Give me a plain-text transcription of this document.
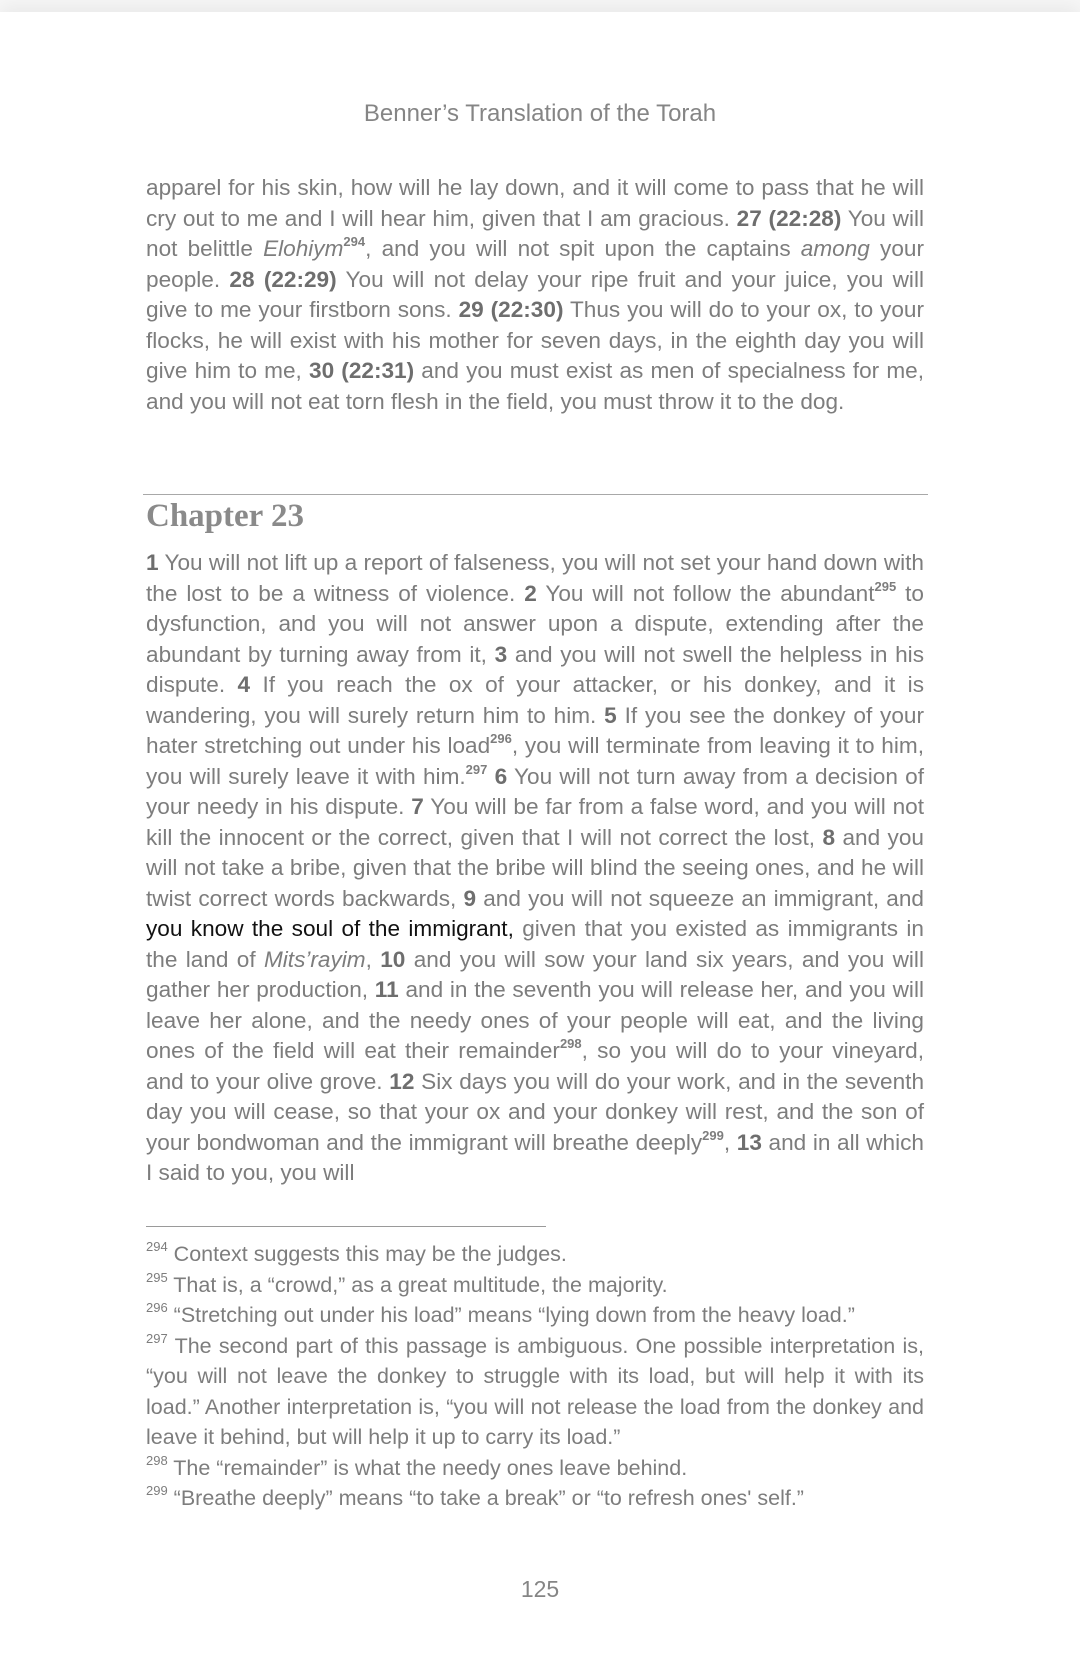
Benner’s Translation of the Torah
apparel for his skin, how will he lay down, and it will come to pass that he will cry out to me and I will hear him, given that I am gracious. 27 (22:28) You will not belittle Elohiym$^{294}$, and you will not spit upon the captains among your people. 28 (22:29) You will not delay your ripe fruit and your juice, you will give to me your firstborn sons. 29 (22:30) Thus you will do to your ox, to your flocks, he will exist with his mother for seven days, in the eighth day you will give him to me, 30 (22:31) and you must exist as men of specialness for me, and you will not eat torn flesh in the field, you must throw it to the dog.
Chapter 23
1 You will not lift up a report of falseness, you will not set your hand down with the lost to be a witness of violence. 2 You will not follow the abundant$^{295}$ to dysfunction, and you will not answer upon a dispute, extending after the abundant by turning away from it, 3 and you will not swell the helpless in his dispute. 4 If you reach the ox of your attacker, or his donkey, and it is wandering, you will surely return him to him. 5 If you see the donkey of your hater stretching out under his load$^{296}$, you will terminate from leaving it to him, you will surely leave it with him.$^{297}$ 6 You will not turn away from a decision of your needy in his dispute. 7 You will be far from a false word, and you will not kill the innocent or the correct, given that I will not correct the lost, 8 and you will not take a bribe, given that the bribe will blind the seeing ones, and he will twist correct words backwards, 9 and you will not squeeze an immigrant, and you know the soul of the immigrant, given that you existed as immigrants in the land of Mits’rayim, 10 and you will sow your land six years, and you will gather her production, 11 and in the seventh you will release her, and you will leave her alone, and the needy ones of your people will eat, and the living ones of the field will eat their remainder$^{298}$, so you will do to your vineyard, and to your olive grove. 12 Six days you will do your work, and in the seventh day you will cease, so that your ox and your donkey will rest, and the son of your bondwoman and the immigrant will breathe deeply$^{299}$, 13 and in all which I said to you, you will

$^{294}$ Context suggests this may be the judges.

$^{295}$ That is, a “crowd,” as a great multitude, the majority.

$^{296}$ “Stretching out under his load” means “lying down from the heavy load.”

$^{297}$ The second part of this passage is ambiguous. One possible interpretation is, “you will not leave the donkey to struggle with its load, but will help it with its load.” Another interpretation is, “you will not release the load from the donkey and leave it behind, but will help it up to carry its load.”

$^{298}$ The “remainder” is what the needy ones leave behind.

$^{299}$ “Breathe deeply” means “to take a break” or “to refresh ones' self.”

125
